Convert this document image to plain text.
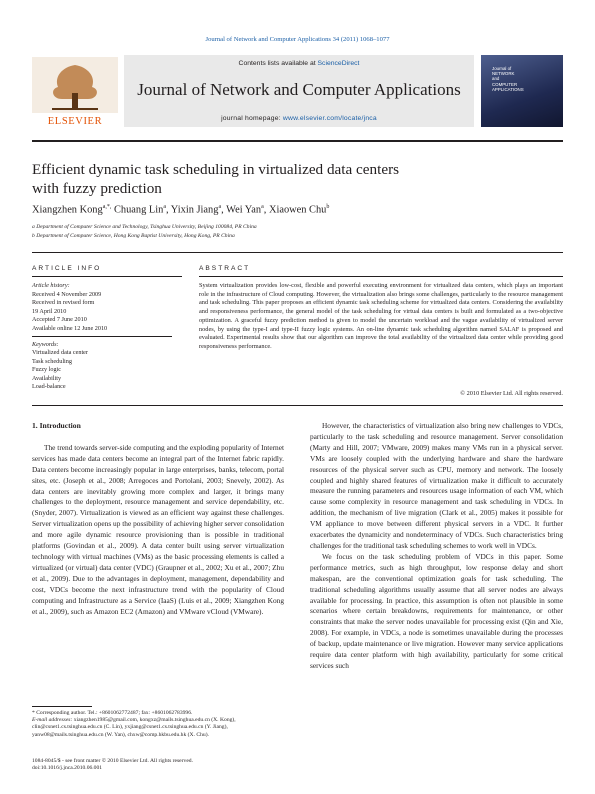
Journal of Network and Computer Applications 34 (2011) 1068–1077
ELSEVIER
Contents lists available at ScienceDirect
Journal of Network and Computer Applications
journal homepage: www.elsevier.com/locate/jnca
Journal of
NETWORK
and
COMPUTER
APPLICATIONS
Efficient dynamic task scheduling in virtualized data centers
with fuzzy prediction
Xiangzhen Kong$^{a,*,}$ Chuang Lin$^a$, Yixin Jiang$^a$, Wei Yan$^a$, Xiaowen Chu$^b$
a Department of Computer Science and Technology, Tsinghua University, Beijing 100084, PR China
b Department of Computer Science, Hong Kong Baptist University, Hong Kong, PR China
ARTICLE INFO	ABSTRACT
Article history:
Received 4 November 2009
Received in revised form
19 April 2010
Accepted 7 June 2010
Available online 12 June 2010
Keywords:
Virtualized data center
Task scheduling
Fuzzy logic
Availability
Load-balance
System virtualization provides low-cost, flexible and powerful executing environment for virtualized data centers, which plays an important role in the infrastructure of Cloud computing. However, the virtualization also brings some challenges, particularly to the resource management and task scheduling. This paper proposes an efficient dynamic task scheduling scheme for virtualized data centers. Considering the availability and responsiveness performance, the general model of the task scheduling for virtual data centers is built and formulated as a two-objective optimization. A graceful fuzzy prediction method is given to model the uncertain workload and the vague availability of virtualized server nodes, by using the type-I and type-II fuzzy logic systems. An on-line dynamic task scheduling algorithm named SALAF is proposed and evaluated. Experimental results show that our algorithm can improve the total availability of the virtualized data center while providing good responsiveness performance.
© 2010 Elsevier Ltd. All rights reserved.

1. Introduction

The trend towards server-side computing and the exploding popularity of Internet services has made data centers become an integral part of the Internet fabric rapidly. Data centers become increasingly popular in large enterprises, banks, telecom, portal sites, etc. (Joseph et al., 2008; Arregoces and Portolani, 2003; Snevely, 2002). As data centers are inevitably growing more complex and larger, it brings many challenges to the deployment, resource management and service dependability, etc. (Snyder, 2007). Virtualization is viewed as an efficient way against these challenges. Server virtualization opens up the possibility of achieving higher server consolidation and more agile dynamic resource provisioning than is possible in traditional platforms (Govindan et al., 2009). A data center built using server virtualization technology with virtual machines (VMs) as the basic processing elements is called a virtualized (or virtual) data center (VDC) (Graupner et al., 2002; Xu et al., 2007; Zhu et al., 2009). Due to the advantages in deployment, management, dependability and cost, VDCs become the next infrastructure trend with the popularity of Cloud computing and Infrastructure as a Service (IaaS) (Luis et al., 2009; Xiangzhen Kong et al., 2009), such as Amazon EC2 (Amazon) and VMware vCloud (VMware).

However, the characteristics of virtualization also bring new challenges to VDCs, particularly to the task scheduling and resource management. Server consolidation (Marty and Hill, 2007; VMware, 2009) makes many VMs run in a physical server. VMs are loosely coupled with the underlying hardware and share the hardware resources of the physical server such as CPU, memory and network. The loosely coupled and highly shared features of virtualization make it difficult to accurately measure the running parameters and resources usage information of each VM, which cause some complexity in resource management and task scheduling in VDCs. In addition, the mechanism of live migration (Clark et al., 2005) makes it possible for VM appliance to move between different physical servers in a VDC. It further exacerbates the dynamicity and nondeterminacy of VDCs. Such characteristics bring challenges for the traditional task scheduling schemes to work well in VDCs.

We focus on the task scheduling problem of VDCs in this paper. Some performance metrics, such as high throughput, low response delay and short makespan, are the conventional optimization goals for task scheduling. The traditional scheduling algorithms usually assume that all server nodes are always available for processing. In practice, this assumption is often not plausible in some scenarios where certain breakdowns, requirements for maintenance, or other constraints that make the server nodes unavailable for processing exist (Qin and Xie, 2008). For example, in VDCs, a node is sometimes unavailable during the processes of backup, update maintenance or live migration. However many service applications require data center platform with high availability, particularly for some critical services such

* Corresponding author. Tel.: +8601062772487; fax: +8601062783996.
E-mail addresses: xiangzhen1985@gmail.com, kongxz@mails.tsinghua.edu.cn (X. Kong), clin@csnet1.cs.tsinghua.edu.cn (C. Lin), yxjiang@csnet1.cs.tsinghua.edu.cn (Y. Jiang), yanw08@mails.tsinghua.edu.cn (W. Yan), chxw@comp.hkbu.edu.hk (X. Chu).
1084-8045/$ - see front matter © 2010 Elsevier Ltd. All rights reserved.
doi:10.1016/j.jnca.2010.06.001
